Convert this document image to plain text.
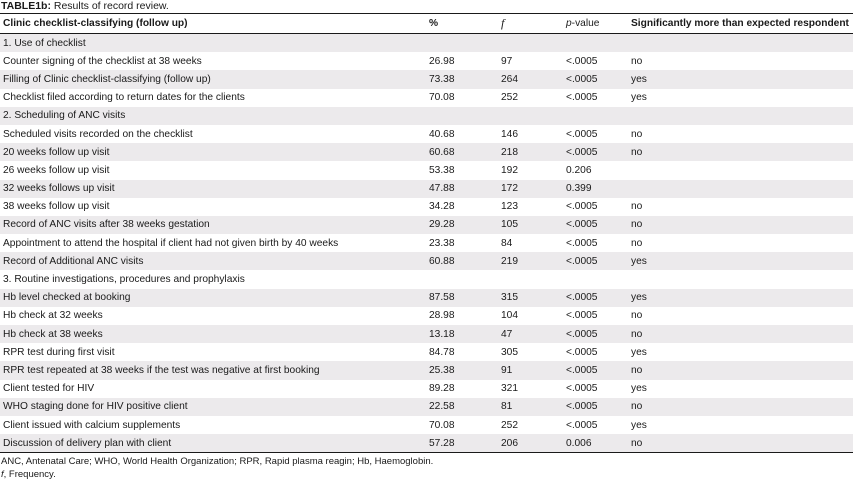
TABLE1b: Results of record review.
Clinic checklist-classifying (follow up)	%	f	p-value	Significantly more than expected respondent
1. Use of checklist				
Counter signing of the checklist at 38 weeks	26.98	97	<.0005	no
Filling of Clinic checklist-classifying (follow up)	73.38	264	<.0005	yes
Checklist filed according to return dates for the clients	70.08	252	<.0005	yes
2. Scheduling of ANC visits				
Scheduled visits recorded on the checklist	40.68	146	<.0005	no
20 weeks follow up visit	60.68	218	<.0005	no
26 weeks follow up visit	53.38	192	0.206	
32 weeks follows up visit	47.88	172	0.399	
38 weeks follow up visit	34.28	123	<.0005	no
Record of ANC visits after 38 weeks gestation	29.28	105	<.0005	no
Appointment to attend the hospital if client had not given birth by 40 weeks	23.38	84	<.0005	no
Record of Additional ANC visits	60.88	219	<.0005	yes
3. Routine investigations, procedures and prophylaxis				
Hb level checked at booking	87.58	315	<.0005	yes
Hb check at 32 weeks	28.98	104	<.0005	no
Hb check at 38 weeks	13.18	47	<.0005	no
RPR test during first visit	84.78	305	<.0005	yes
RPR test repeated at 38 weeks if the test was negative at first booking	25.38	91	<.0005	no
Client tested for HIV	89.28	321	<.0005	yes
WHO staging done for HIV positive client	22.58	81	<.0005	no
Client issued with calcium supplements	70.08	252	<.0005	yes
Discussion of delivery plan with client	57.28	206	0.006	no
ANC, Antenatal Care; WHO, World Health Organization; RPR, Rapid plasma reagin; Hb, Haemoglobin.
f, Frequency.
